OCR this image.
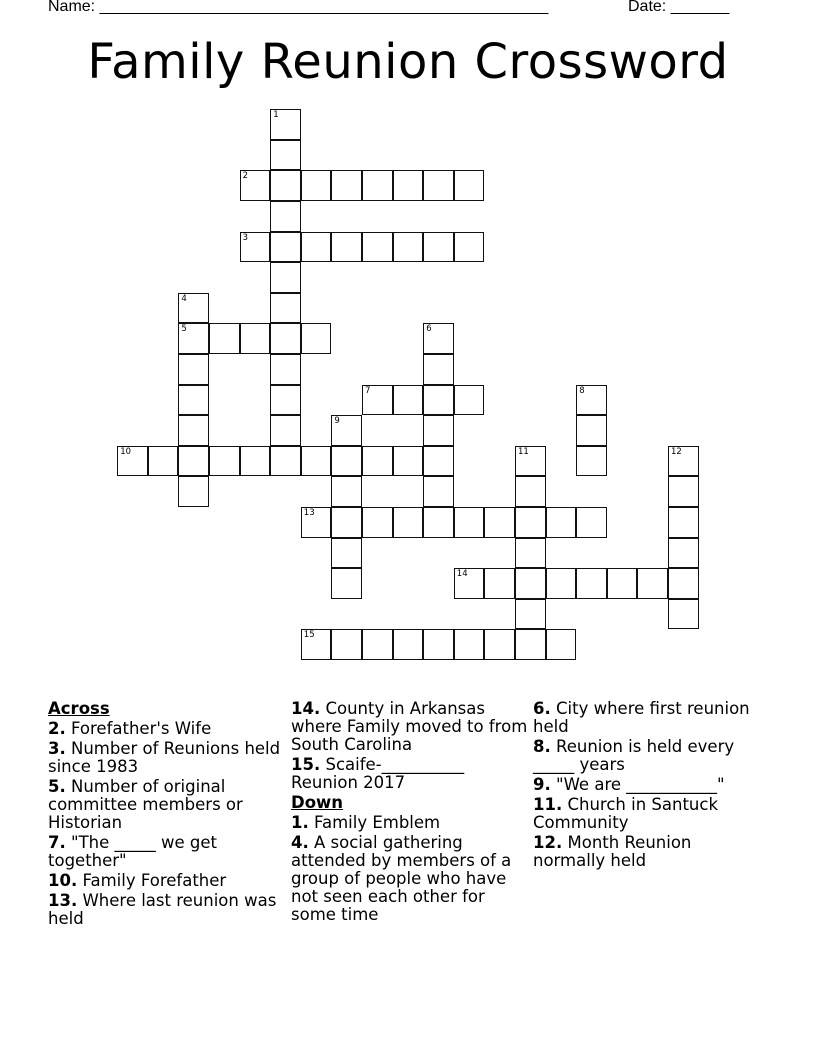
Name: ______________________________________________________	Date: _______
Family Reunion Crossword
1
2
3
4
5	6
7	8
9
10	11	12
13
14
15
Across
2. Forefather's Wife
3. Number of Reunions held since 1983
5. Number of original committee members or Historian
7. "The _____ we get together"
10. Family Forefather
13. Where last reunion was held
14. County in Arkansas where Family moved to from South Carolina
15. Scaife-__________ Reunion 2017
Down
1. Family Emblem
4. A social gathering attended by members of a group of people who have not seen each other for some time
6. City where first reunion held
8. Reunion is held every _____ years
9. "We are ___________"
11. Church in Santuck Community
12. Month Reunion normally held
